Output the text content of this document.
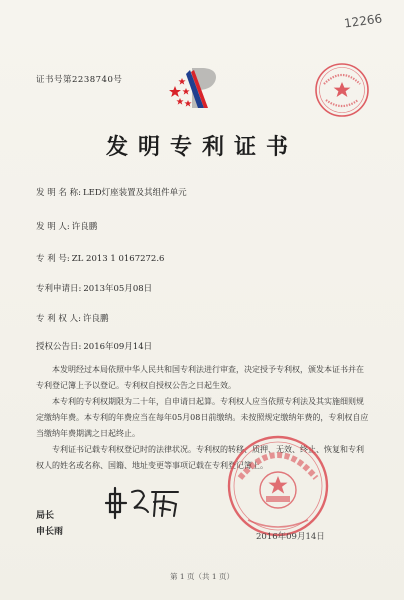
12266
证书号第2238740号
发明专利证书
发 明 名 称: LED灯座装置及其组件单元
发 明 人: 许良鹏
专 利 号: ZL 2013 1 0167272.6
专利申请日: 2013年05月08日
专 利 权 人: 许良鹏
授权公告日: 2016年09月14日

本发明经过本局依照中华人民共和国专利法进行审查，决定授予专利权，颁发本证书并在专利登记簿上予以登记。专利权自授权公告之日起生效。

本专利的专利权期限为二十年，自申请日起算。专利权人应当依照专利法及其实施细则规定缴纳年费。本专利的年费应当在每年05月08日前缴纳。未按照规定缴纳年费的，专利权自应当缴纳年费期满之日起终止。

专利证书记载专利权登记时的法律状况。专利权的转移、质押、无效、终止、恢复和专利权人的姓名或名称、国籍、地址变更等事项记载在专利登记簿上。

局长
申长雨	2016年09月14日
第 1 页（共 1 页）
